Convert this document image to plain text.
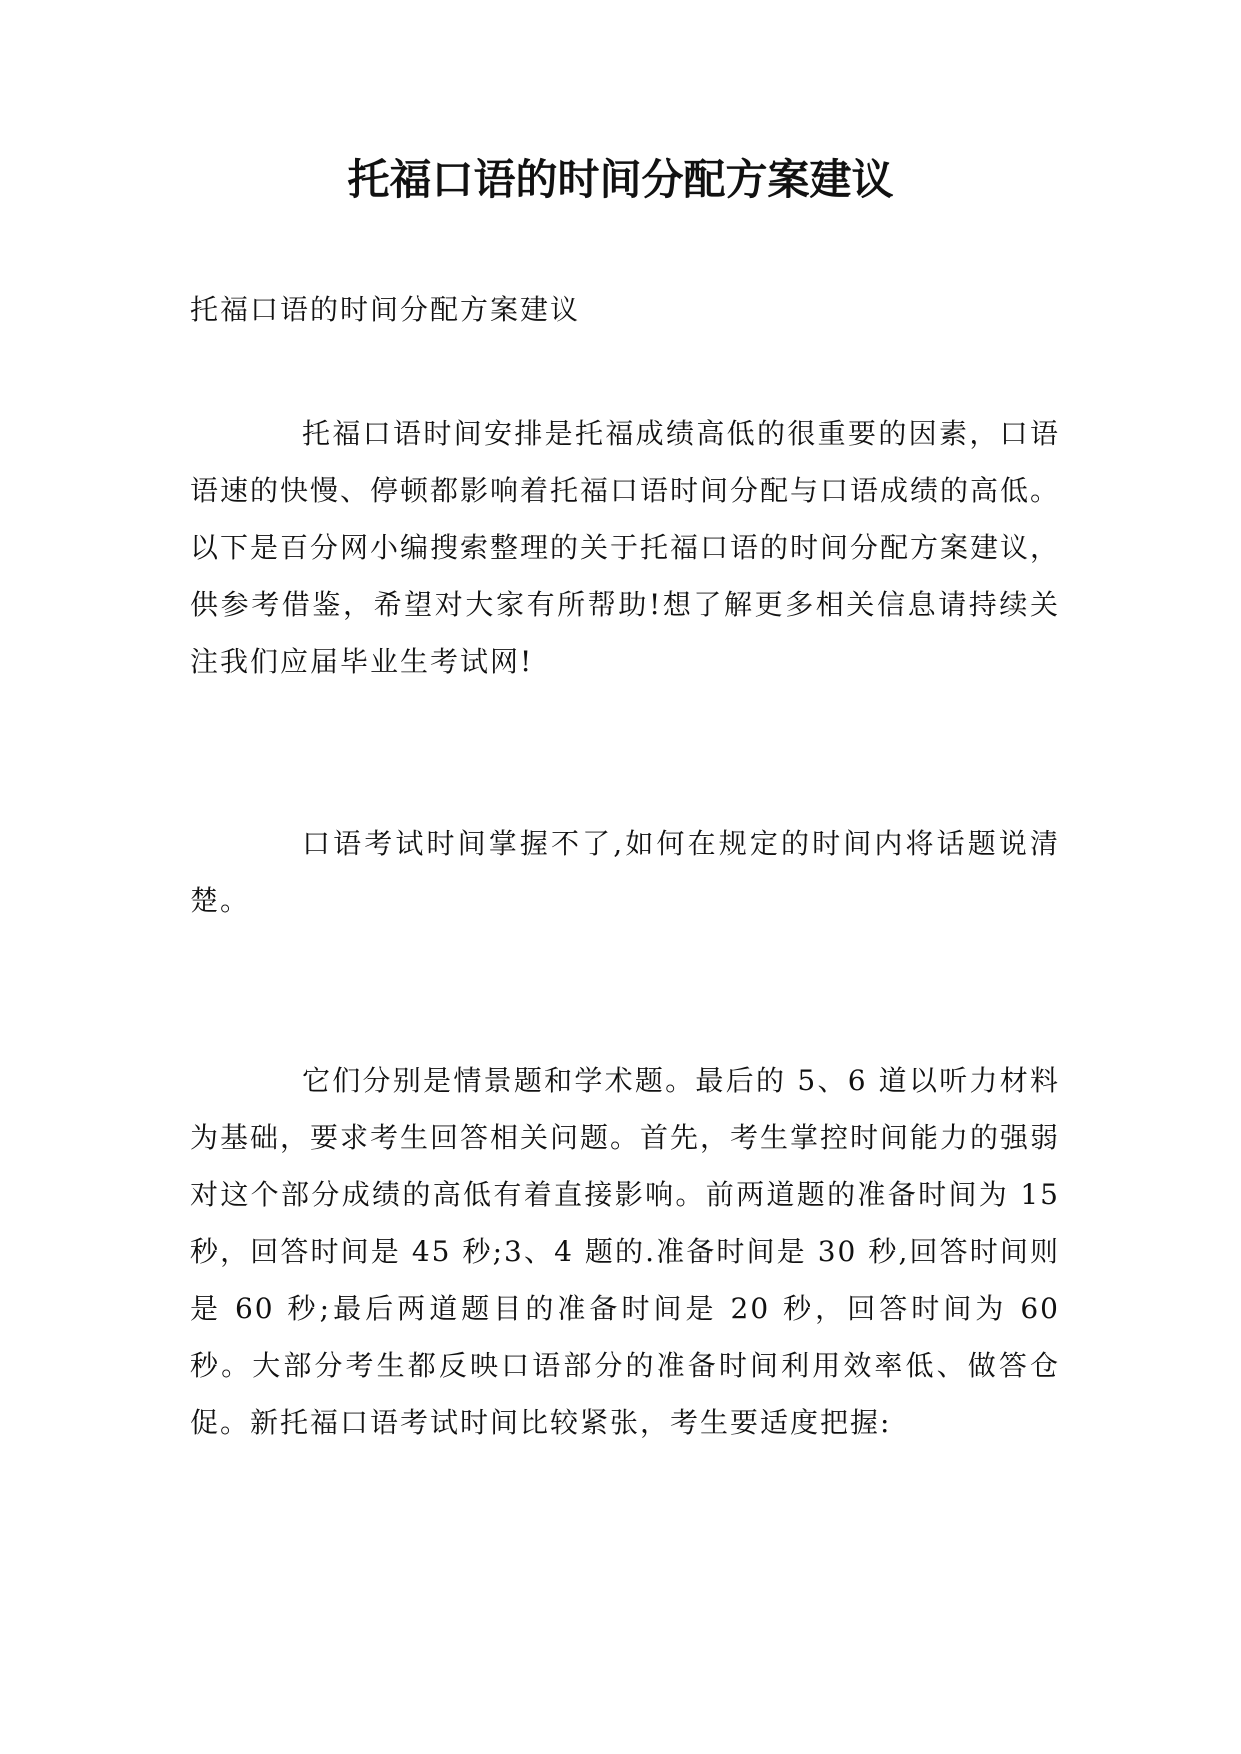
托福口语的时间分配方案建议

托福口语的时间分配方案建议

托福口语时间安排是托福成绩高低的很重要的因素，口语语速的快慢、停顿都影响着托福口语时间分配与口语成绩的高低。以下是百分网小编搜索整理的关于托福口语的时间分配方案建议，供参考借鉴，希望对大家有所帮助!想了解更多相关信息请持续关注我们应届毕业生考试网!

口语考试时间掌握不了,如何在规定的时间内将话题说清楚。

它们分别是情景题和学术题。最后的 5、6 道以听力材料为基础，要求考生回答相关问题。首先，考生掌控时间能力的强弱对这个部分成绩的高低有着直接影响。前两道题的准备时间为 15 秒，回答时间是 45 秒;3、4 题的.准备时间是 30 秒,回答时间则是 60 秒;最后两道题目的准备时间是 20 秒，回答时间为 60 秒。大部分考生都反映口语部分的准备时间利用效率低、做答仓促。新托福口语考试时间比较紧张，考生要适度把握:
